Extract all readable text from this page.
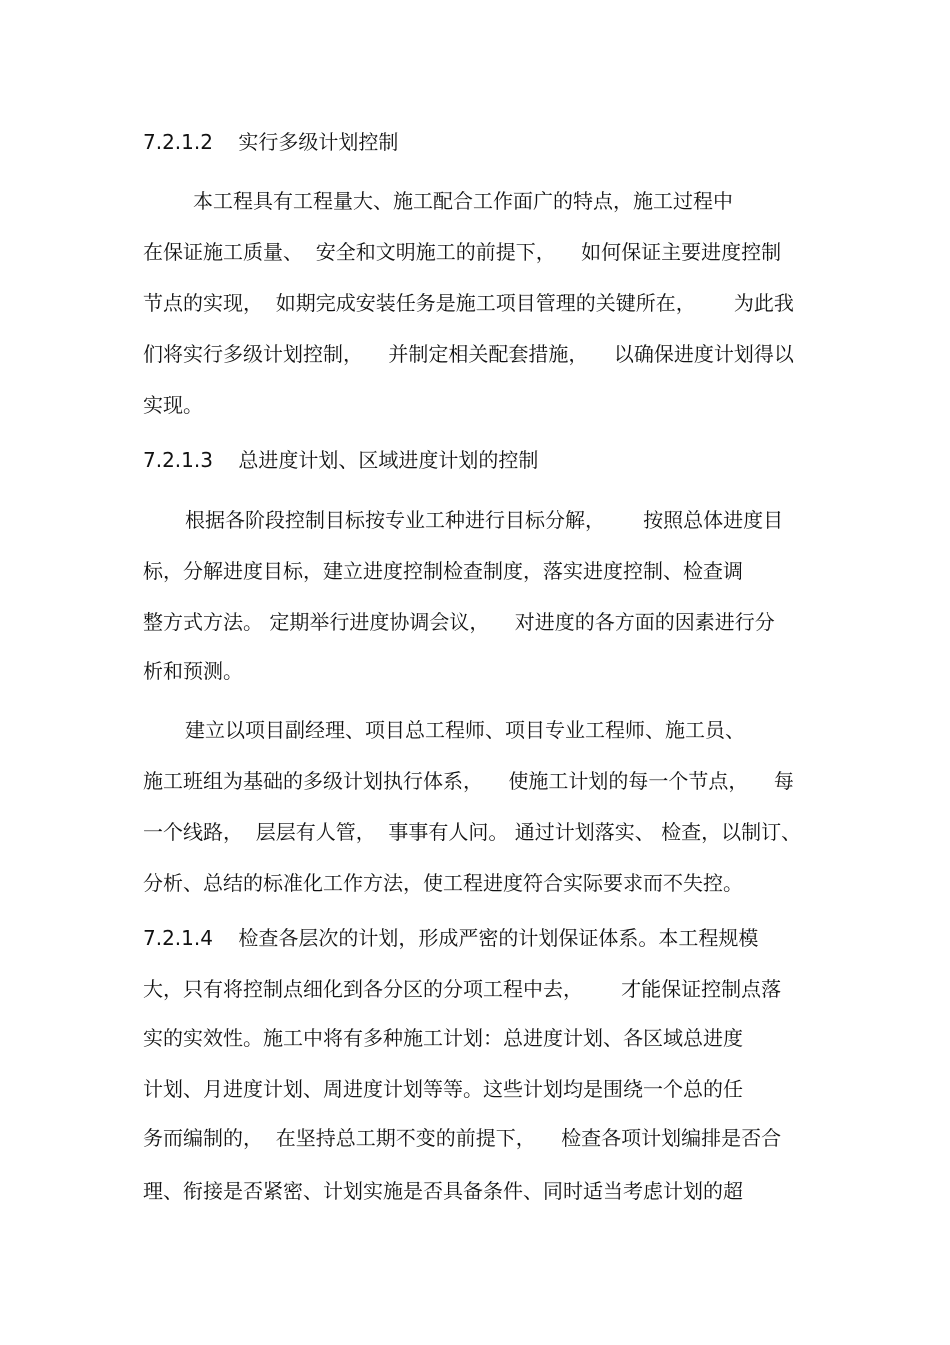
7.2.1.2    实行多级计划控制
本工程具有工程量大、施工配合工作面广的特点，施工过程中
在保证施工质量、  安全和文明施工的前提下，    如何保证主要进度控制
节点的实现，  如期完成安装任务是施工项目管理的关键所在，      为此我
们将实行多级计划控制，    并制定相关配套措施，    以确保进度计划得以
实现。
7.2.1.3    总进度计划、区域进度计划的控制
根据各阶段控制目标按专业工种进行目标分解，      按照总体进度目
标，分解进度目标，建立进度控制检查制度，落实进度控制、检查调
整方式方法。 定期举行进度协调会议，    对进度的各方面的因素进行分
析和预测。
建立以项目副经理、项目总工程师、项目专业工程师、施工员、
施工班组为基础的多级计划执行体系，    使施工计划的每一个节点，    每
一个线路，  层层有人管，  事事有人问。 通过计划落实、 检查，以制订、
分析、总结的标准化工作方法，使工程进度符合实际要求而不失控。
7.2.1.4    检查各层次的计划，形成严密的计划保证体系。本工程规模
大，只有将控制点细化到各分区的分项工程中去，      才能保证控制点落
实的实效性。施工中将有多种施工计划：总进度计划、各区域总进度
计划、月进度计划、周进度计划等等。这些计划均是围绕一个总的任
务而编制的，  在坚持总工期不变的前提下，    检查各项计划编排是否合
理、衔接是否紧密、计划实施是否具备条件、同时适当考虑计划的超
